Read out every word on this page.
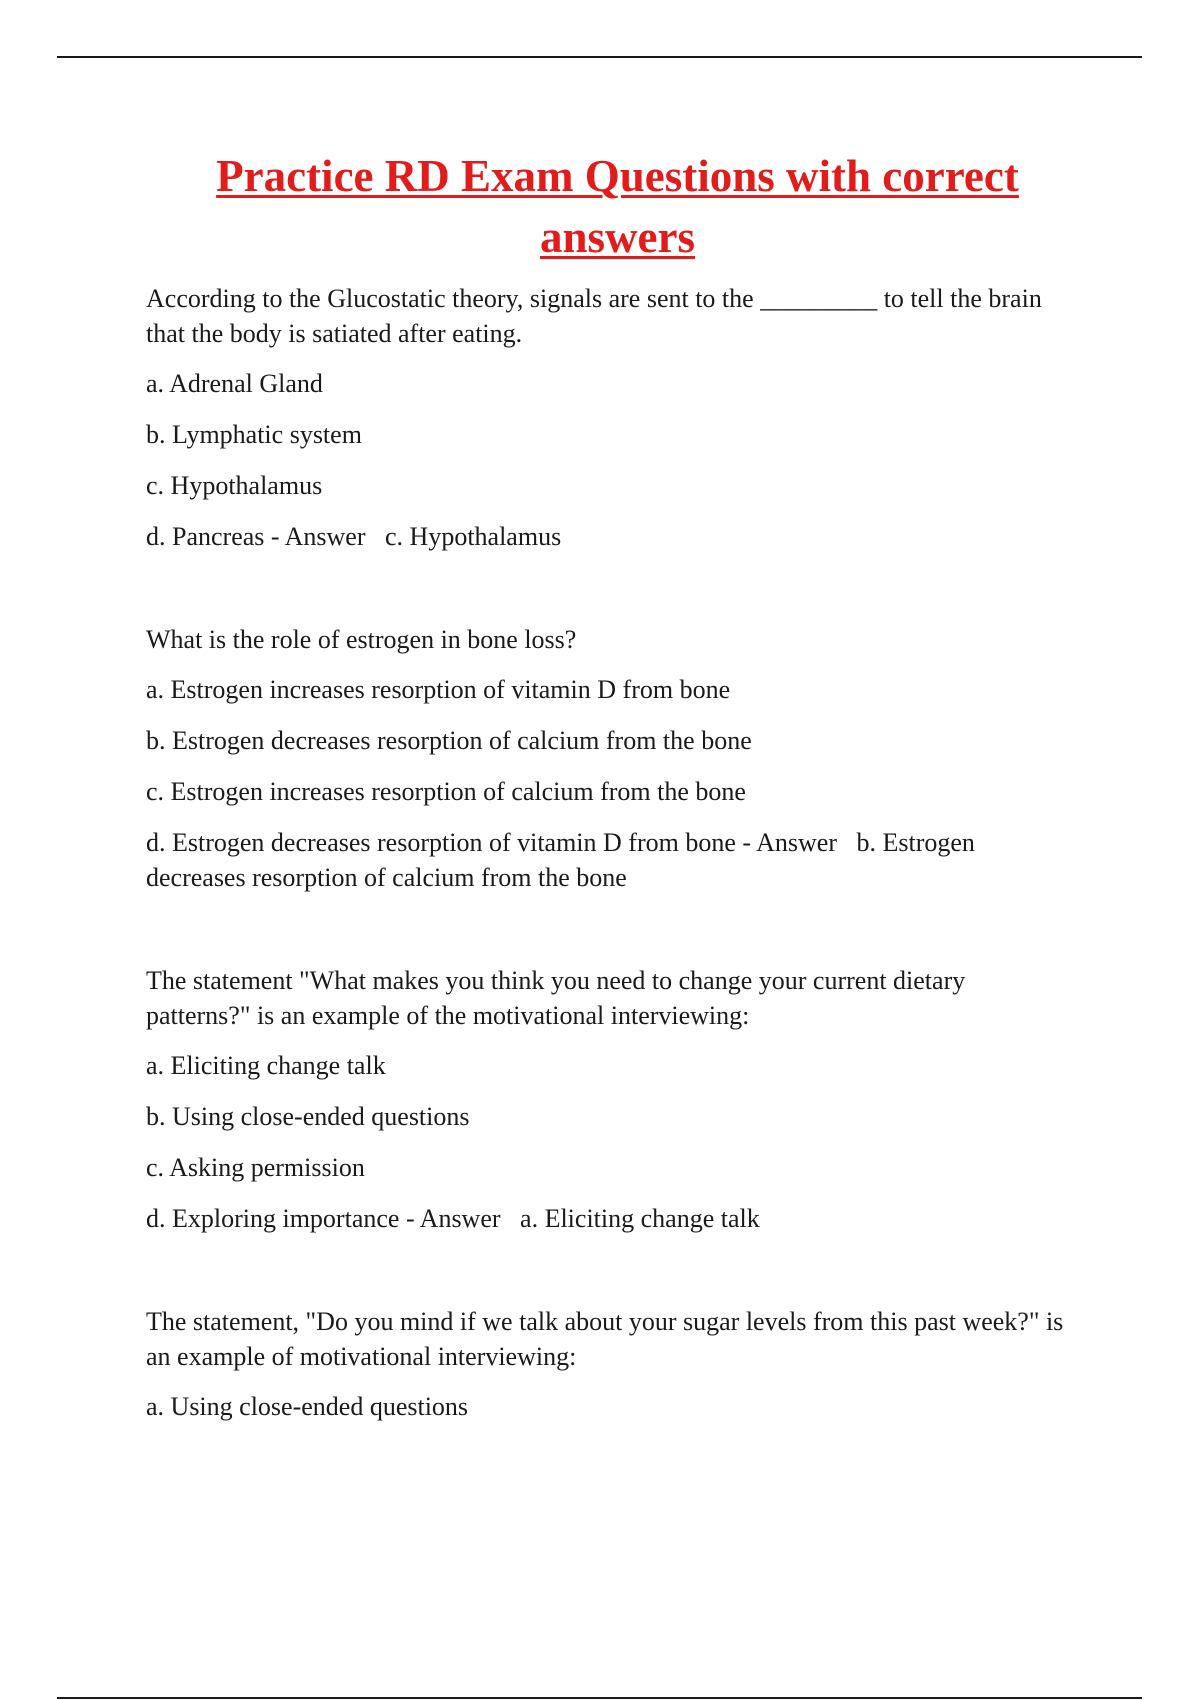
Practice RD Exam Questions with correct answers

According to the Glucostatic theory, signals are sent to the _________ to tell the brain that the body is satiated after eating.

a. Adrenal Gland

b. Lymphatic system

c. Hypothalamus

d. Pancreas - Answer   c. Hypothalamus

What is the role of estrogen in bone loss?

a. Estrogen increases resorption of vitamin D from bone

b. Estrogen decreases resorption of calcium from the bone

c. Estrogen increases resorption of calcium from the bone

d. Estrogen decreases resorption of vitamin D from bone - Answer   b. Estrogen decreases resorption of calcium from the bone

The statement "What makes you think you need to change your current dietary patterns?" is an example of the motivational interviewing:

a. Eliciting change talk

b. Using close-ended questions

c. Asking permission

d. Exploring importance - Answer   a. Eliciting change talk

The statement, "Do you mind if we talk about your sugar levels from this past week?" is an example of motivational interviewing:

a. Using close-ended questions
